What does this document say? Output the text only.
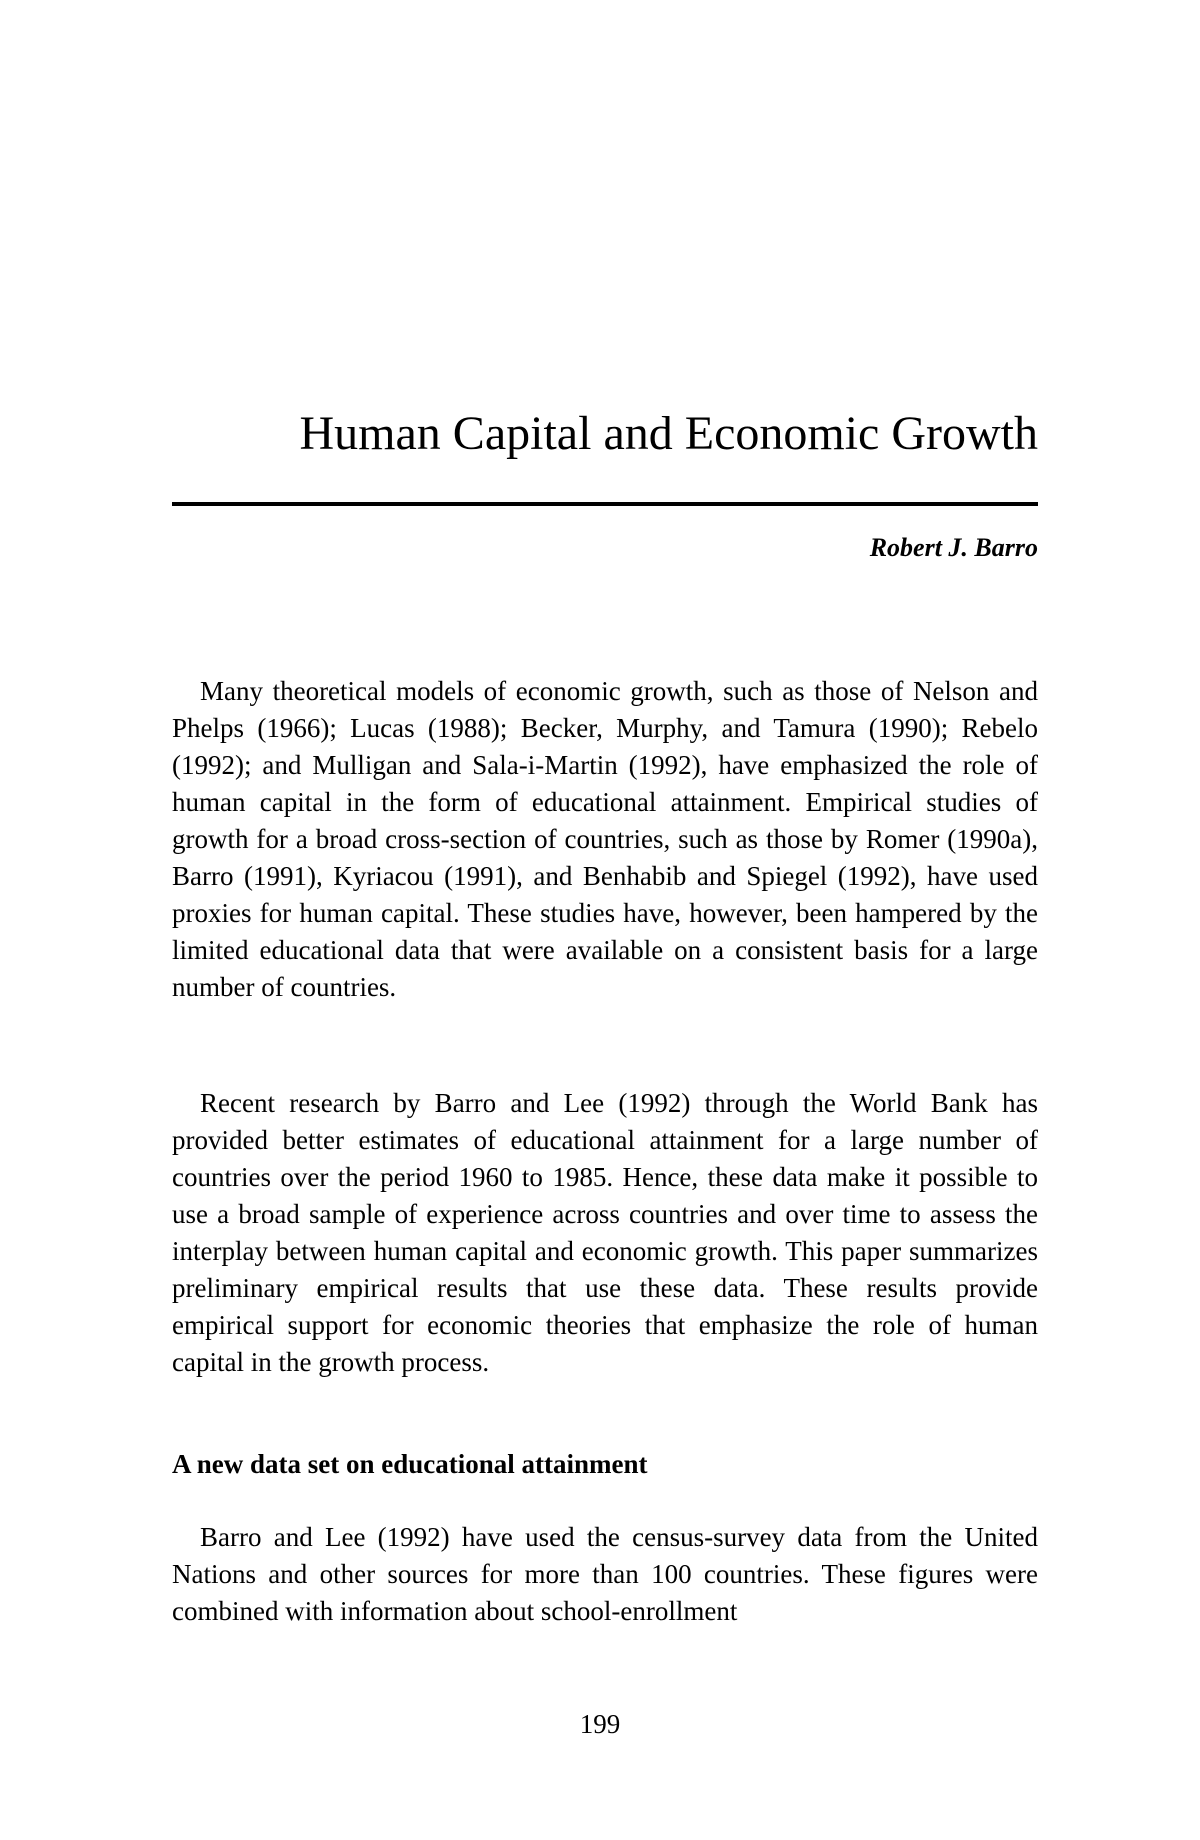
Human Capital and Economic Growth
Robert J. Barro

Many theoretical models of economic growth, such as those of Nelson and Phelps (1966); Lucas (1988); Becker, Murphy, and Tamura (1990); Rebelo (1992); and Mulligan and Sala-i-Martin (1992), have emphasized the role of human capital in the form of educational attainment. Empirical studies of growth for a broad cross-section of countries, such as those by Romer (1990a), Barro (1991), Kyriacou (1991), and Benhabib and Spiegel (1992), have used proxies for human capital. These studies have, however, been hampered by the limited educational data that were available on a consistent basis for a large number of countries.

Recent research by Barro and Lee (1992) through the World Bank has provided better estimates of educational attainment for a large number of countries over the period 1960 to 1985. Hence, these data make it possible to use a broad sample of experience across countries and over time to assess the interplay between human capital and economic growth. This paper summarizes preliminary empirical results that use these data. These results provide empirical support for economic theories that emphasize the role of human capital in the growth process.

A new data set on educational attainment

Barro and Lee (1992) have used the census-survey data from the United Nations and other sources for more than 100 countries. These figures were combined with information about school-enrollment

199
